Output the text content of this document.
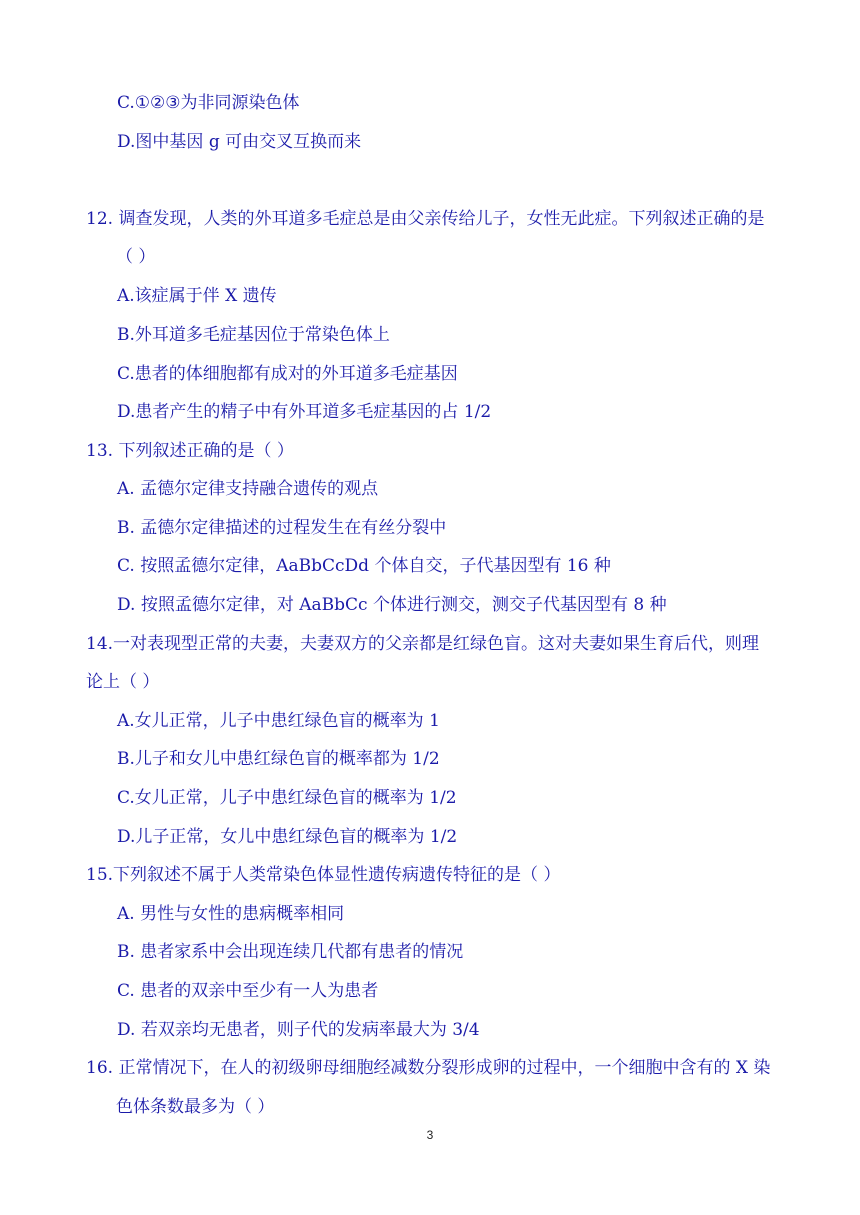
C.①②③为非同源染色体
D.图中基因 g 可由交叉互换而来
12. 调查发现，人类的外耳道多毛症总是由父亲传给儿子，女性无此症。下列叙述正确的是
（ ）
A.该症属于伴 X 遗传
B.外耳道多毛症基因位于常染色体上
C.患者的体细胞都有成对的外耳道多毛症基因
D.患者产生的精子中有外耳道多毛症基因的占 1/2
13. 下列叙述正确的是（ ）
A. 孟德尔定律支持融合遗传的观点
B. 孟德尔定律描述的过程发生在有丝分裂中
C. 按照孟德尔定律，AaBbCcDd 个体自交，子代基因型有 16 种
D. 按照孟德尔定律，对 AaBbCc 个体进行测交，测交子代基因型有 8 种
14.一对表现型正常的夫妻，夫妻双方的父亲都是红绿色盲。这对夫妻如果生育后代，则理
论上（ ）
A.女儿正常，儿子中患红绿色盲的概率为 1
B.儿子和女儿中患红绿色盲的概率都为 1/2
C.女儿正常，儿子中患红绿色盲的概率为 1/2
D.儿子正常，女儿中患红绿色盲的概率为 1/2
15.下列叙述不属于人类常染色体显性遗传病遗传特征的是（ ）
A. 男性与女性的患病概率相同
B. 患者家系中会出现连续几代都有患者的情况
C. 患者的双亲中至少有一人为患者
D. 若双亲均无患者，则子代的发病率最大为 3/4
16. 正常情况下，在人的初级卵母细胞经减数分裂形成卵的过程中，一个细胞中含有的 X 染
色体条数最多为（ ）
3
